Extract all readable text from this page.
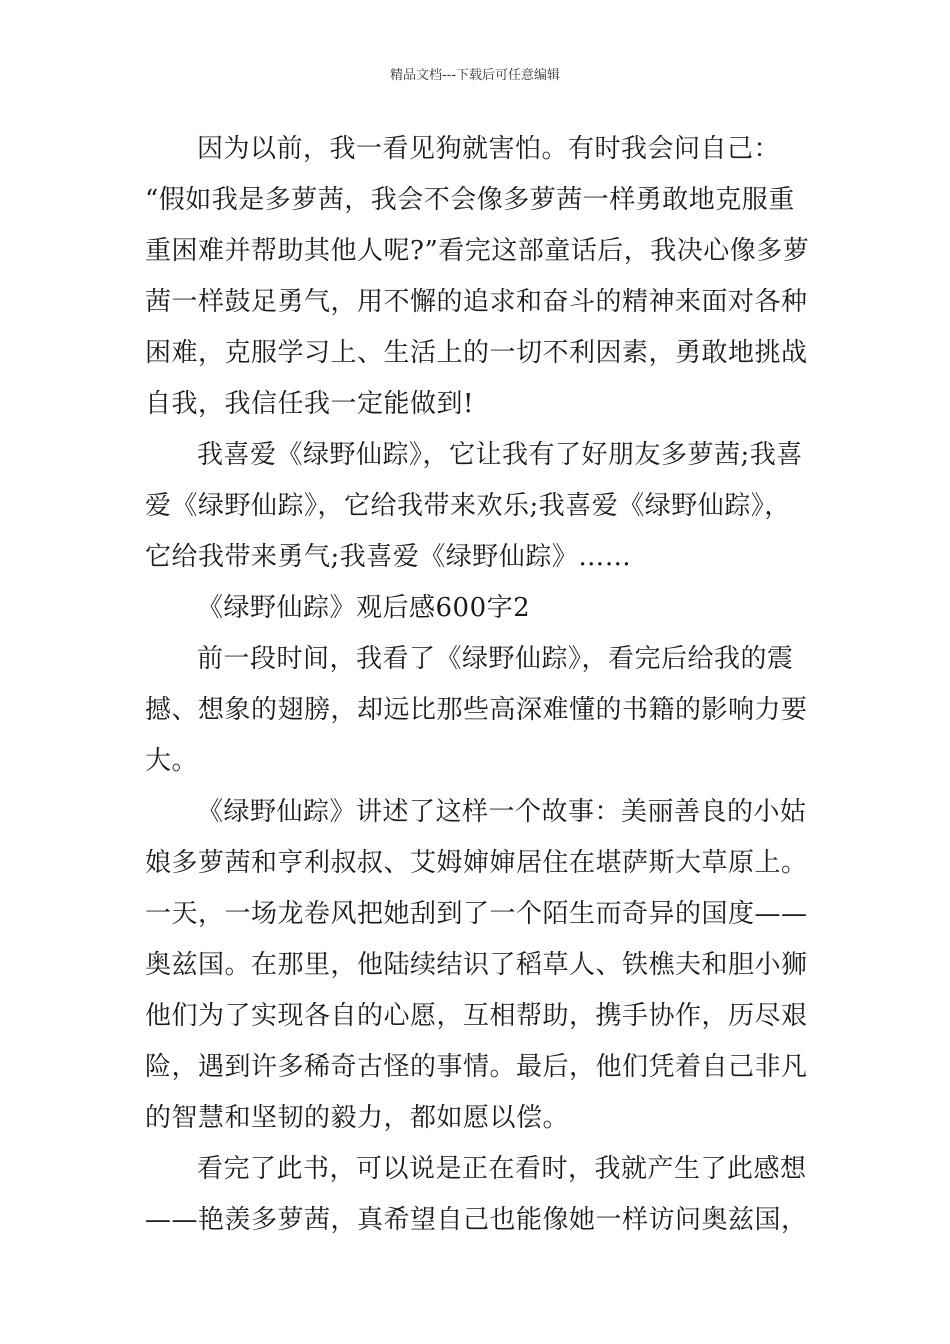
精品文档---下载后可任意编辑
因为以前，我一看见狗就害怕。有时我会问自己：
“假如我是多萝茜，我会不会像多萝茜一样勇敢地克服重
重困难并帮助其他人呢?”看完这部童话后，我决心像多萝
茜一样鼓足勇气，用不懈的追求和奋斗的精神来面对各种
困难，克服学习上、生活上的一切不利因素，勇敢地挑战
自我，我信任我一定能做到!
我喜爱《绿野仙踪》，它让我有了好朋友多萝茜;我喜
爱《绿野仙踪》，它给我带来欢乐;我喜爱《绿野仙踪》，
它给我带来勇气;我喜爱《绿野仙踪》……
《绿野仙踪》观后感600字2
前一段时间，我看了《绿野仙踪》，看完后给我的震
撼、想象的翅膀，却远比那些高深难懂的书籍的影响力要
大。
《绿野仙踪》讲述了这样一个故事：美丽善良的小姑
娘多萝茜和亨利叔叔、艾姆婶婶居住在堪萨斯大草原上。
一天，一场龙卷风把她刮到了一个陌生而奇异的国度——
奥兹国。在那里，他陆续结识了稻草人、铁樵夫和胆小狮
他们为了实现各自的心愿，互相帮助，携手协作，历尽艰
险，遇到许多稀奇古怪的事情。最后，他们凭着自己非凡
的智慧和坚韧的毅力，都如愿以偿。
看完了此书，可以说是正在看时，我就产生了此感想
——艳羡多萝茜，真希望自己也能像她一样访问奥兹国，
